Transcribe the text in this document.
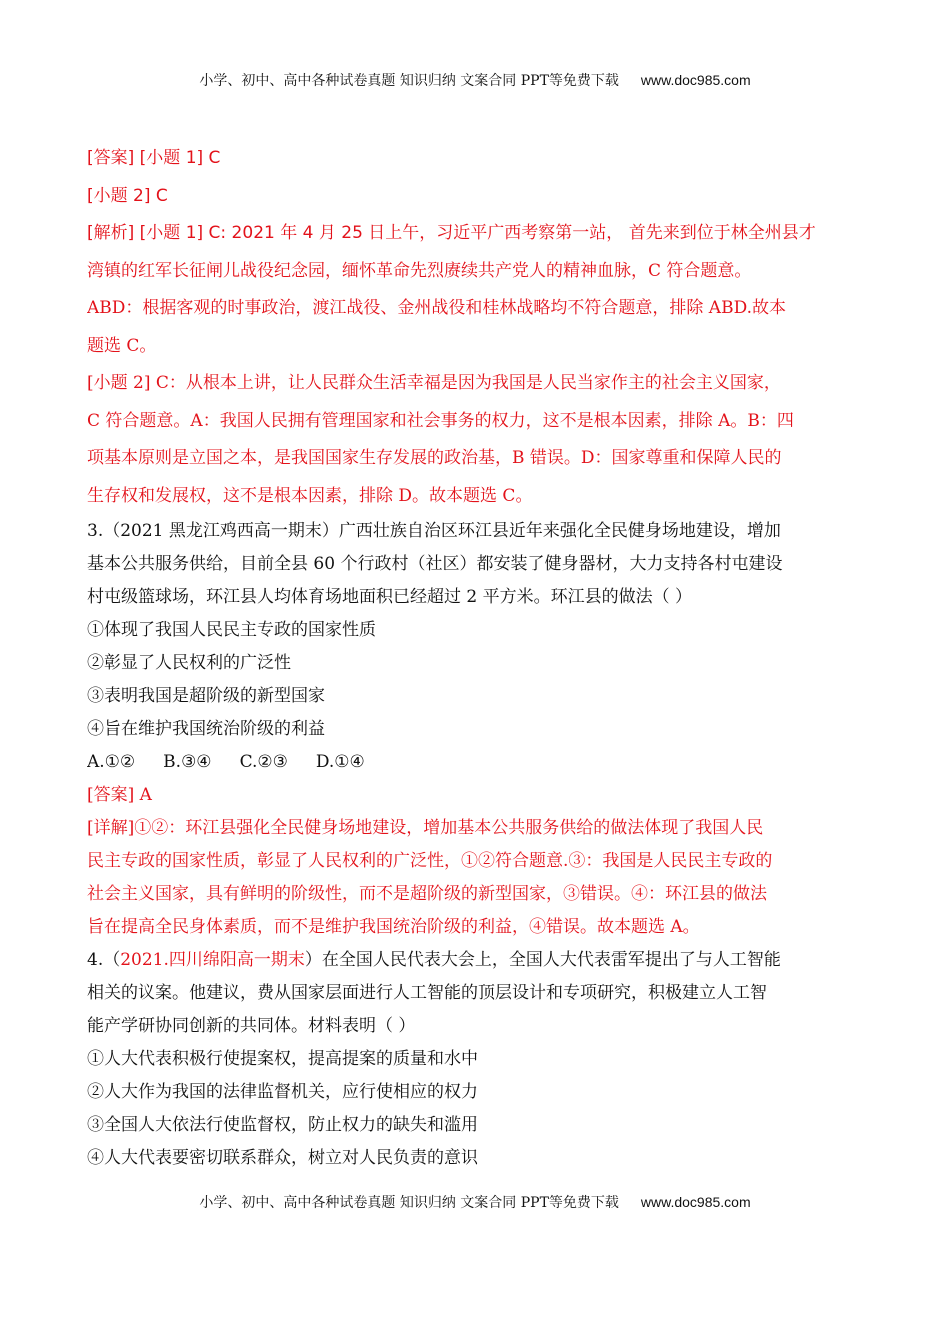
小学、初中、高中各种试卷真题 知识归纳 文案合同 PPT等免费下载 www.doc985.com
[答案] [小题 1] C
[小题 2] C
[解析] [小题 1] C: 2021 年 4 月 25 日上午，习近平广西考察第一站， 首先来到位于林全州县才
湾镇的红军长征闸儿战役纪念园，缅怀革命先烈赓续共产党人的精神血脉，C 符合题意。
ABD：根据客观的时事政治，渡江战役、金州战役和桂林战略均不符合题意，排除 ABD.故本
题选 C。
[小题 2] C：从根本上讲，让人民群众生活幸福是因为我国是人民当家作主的社会主义国家，
C 符合题意。A：我国人民拥有管理国家和社会事务的权力，这不是根本因素，排除 A。B：四
项基本原则是立国之本，是我国国家生存发展的政治基，B 错误。D：国家尊重和保障人民的
生存权和发展权，这不是根本因素，排除 D。故本题选 C。
3.（2021 黑龙江鸡西高一期末）广西壮族自治区环江县近年来强化全民健身场地建设，增加
基本公共服务供给，目前全县 60 个行政村（社区）都安装了健身器材，大力支持各村屯建设
村屯级篮球场，环江县人均体育场地面积已经超过 2 平方米。环江县的做法（ ）
①体现了我国人民民主专政的国家性质
②彰显了人民权利的广泛性
③表明我国是超阶级的新型国家
④旨在维护我国统治阶级的利益
A.①② B.③④ C.②③ D.①④
[答案] A
[详解]①②：环江县强化全民健身场地建设，增加基本公共服务供给的做法体现了我国人民
民主专政的国家性质，彰显了人民权利的广泛性，①②符合题意.③：我国是人民民主专政的
社会主义国家，具有鲜明的阶级性，而不是超阶级的新型国家，③错误。④：环江县的做法
旨在提高全民身体素质，而不是维护我国统治阶级的利益，④错误。故本题选 A。
4.（2021.四川绵阳高一期末）在全国人民代表大会上，全国人大代表雷军提出了与人工智能
相关的议案。他建议，费从国家层面进行人工智能的顶层设计和专项研究，积极建立人工智
能产学研协同创新的共同体。材料表明（ ）
①人大代表积极行使提案权，提高提案的质量和水中
②人大作为我国的法律监督机关，应行使相应的权力
③全国人大依法行使监督权，防止权力的缺失和滥用
④人大代表要密切联系群众，树立对人民负责的意识
小学、初中、高中各种试卷真题 知识归纳 文案合同 PPT等免费下载 www.doc985.com
